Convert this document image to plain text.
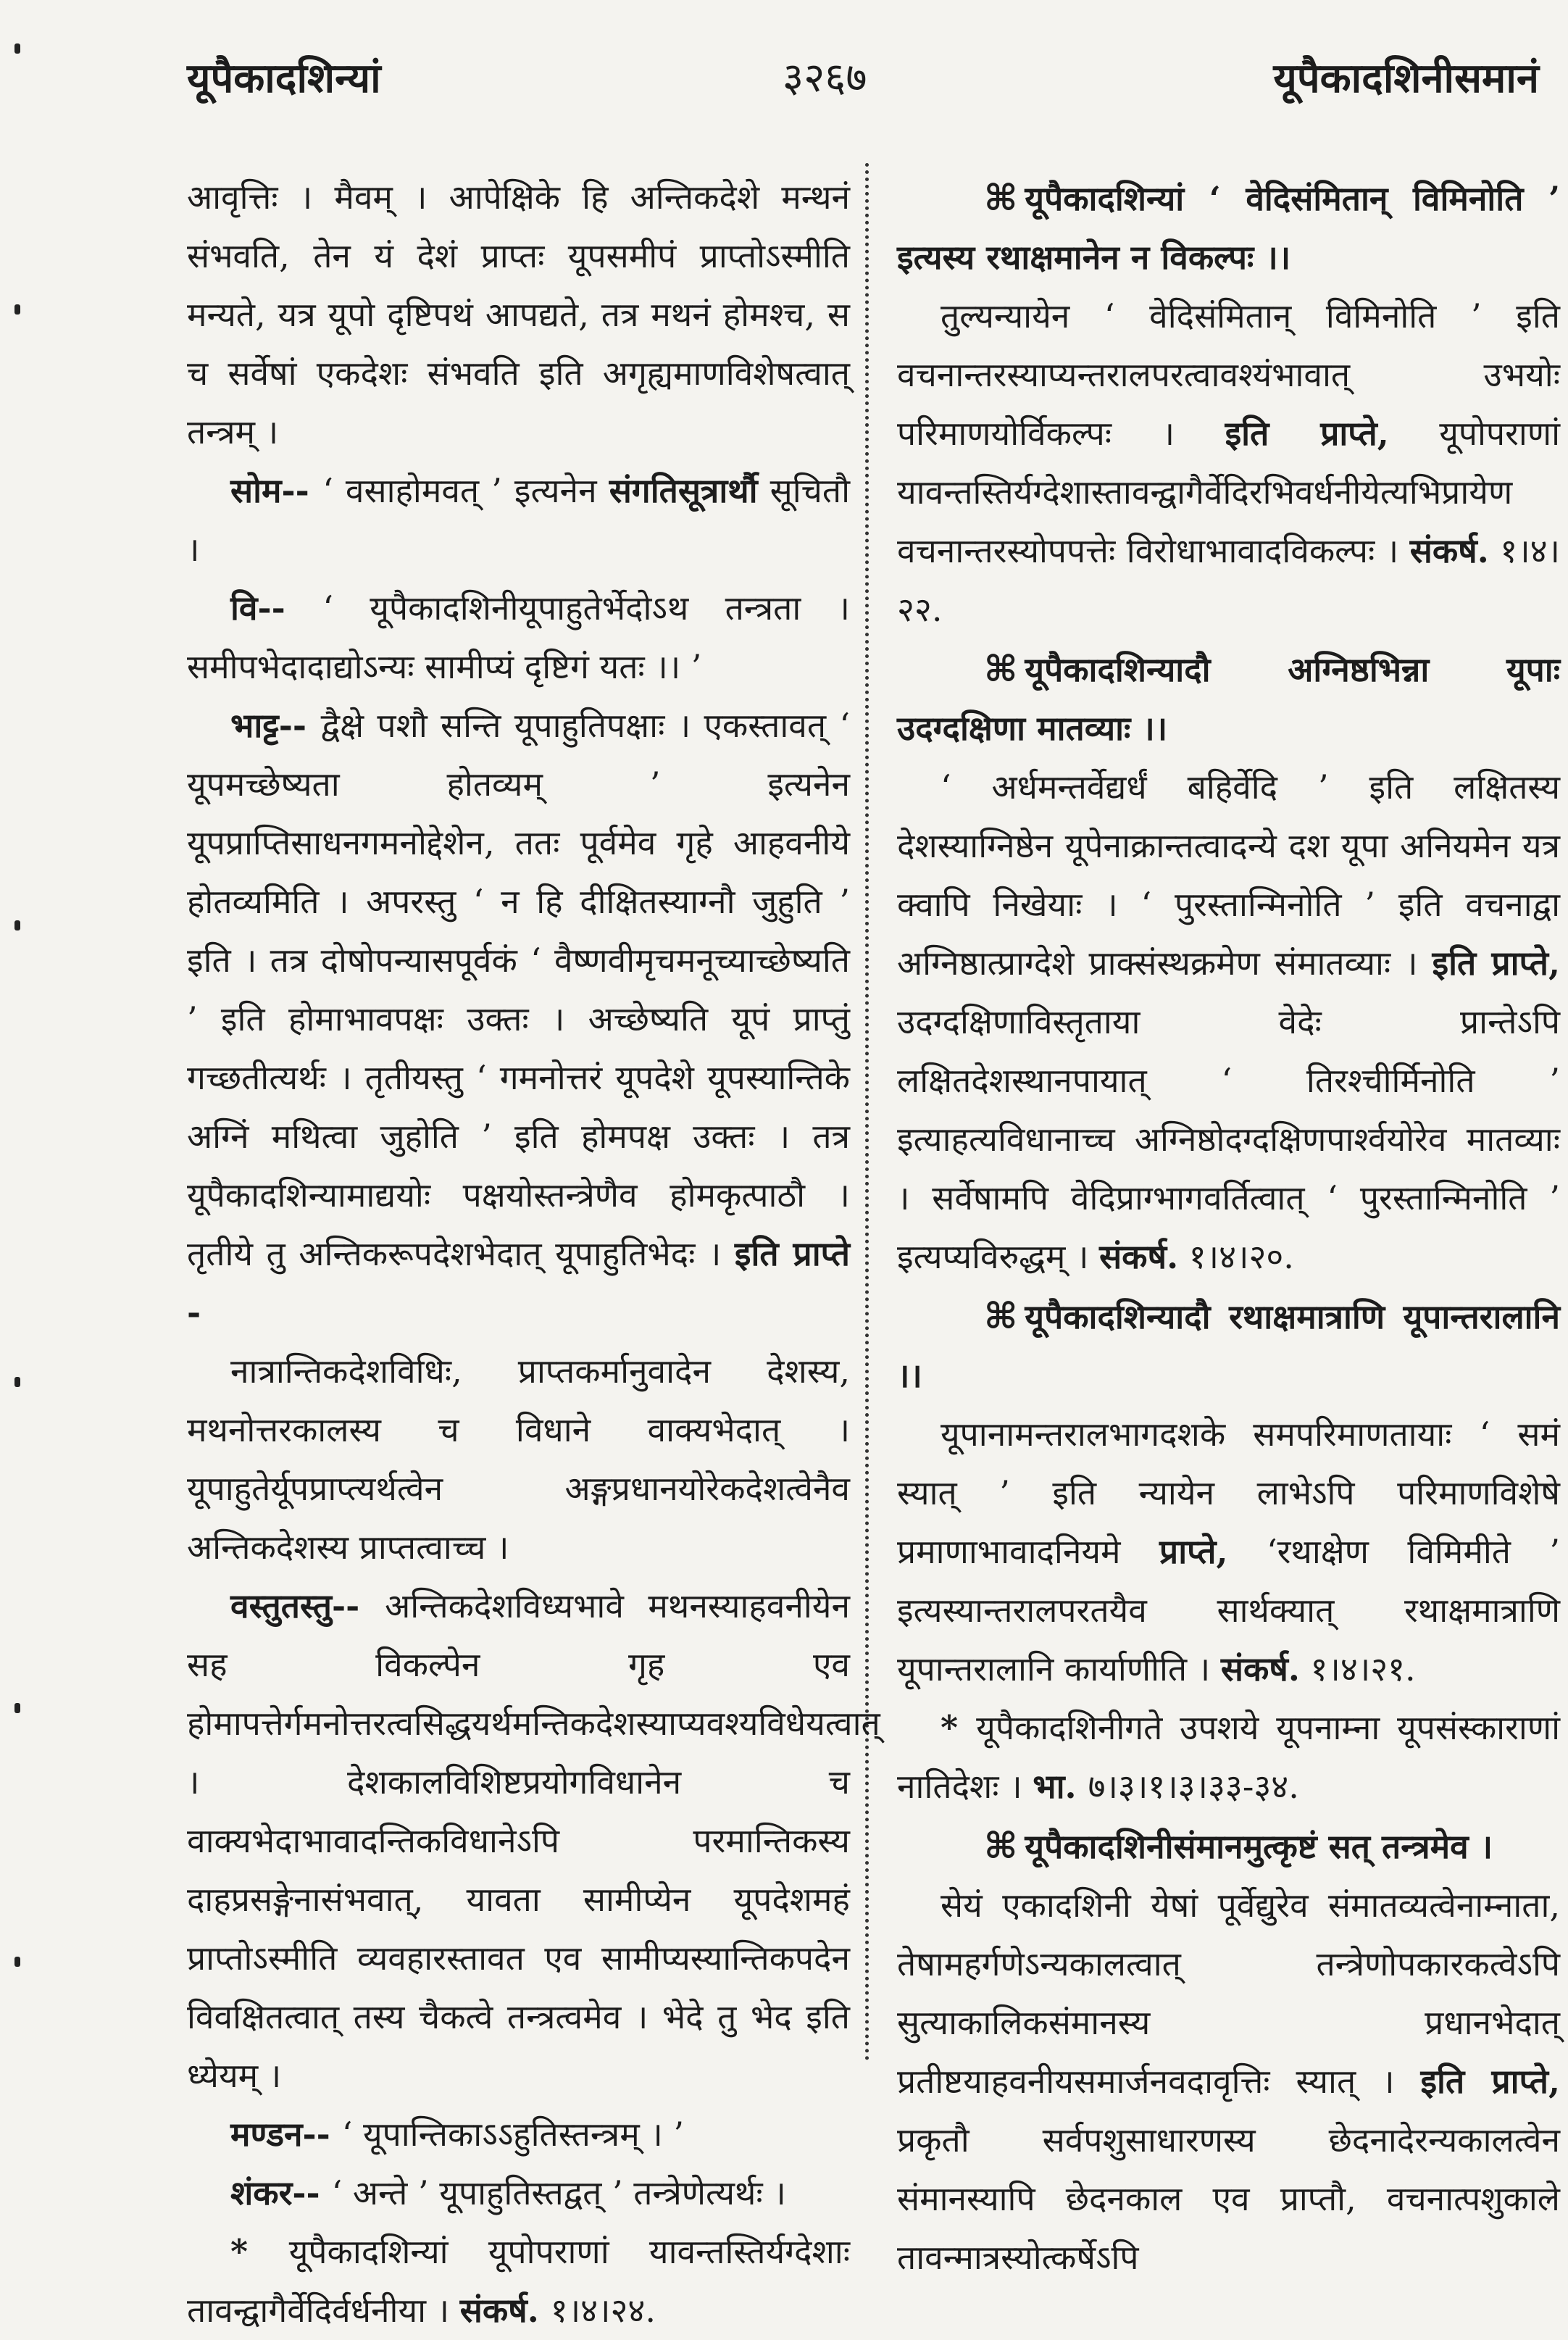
यूपैकादशिन्यां	३२६७	यूपैकादशिनीसमानं

आवृत्तिः । मैवम् । आपेक्षिके हि अन्तिकदेशे मन्थनं संभवति, तेन यं देशं प्राप्तः यूपसमीपं प्राप्तोऽस्मीति मन्यते, यत्र यूपो दृष्टिपथं आपद्यते, तत्र मथनं होमश्च, स च सर्वेषां एकदेशः संभवति इति अगृह्यमाणविशेषत्वात् तन्त्रम् ।

सोम-- ‘ वसाहोमवत् ’ इत्यनेन संगतिसूत्रार्थौ सूचितौ ।

वि-- ‘ यूपैकादशिनीयूपाहुतेर्भेदोऽथ तन्त्रता । समीपभेदादाद्योऽन्यः सामीप्यं दृष्टिगं यतः ।। ’

भाट्ट-- द्वैक्षे पशौ सन्ति यूपाहुतिपक्षाः । एकस्तावत् ‘ यूपमच्छेष्यता होतव्यम् ’ इत्यनेन यूपप्राप्तिसाधनगमनोद्देशेन, ततः पूर्वमेव गृहे आहवनीये होतव्यमिति । अपरस्तु ‘ न हि दीक्षितस्याग्नौ जुहुति ’ इति । तत्र दोषोपन्यासपूर्वकं ‘ वैष्णवीमृचमनूच्याच्छेष्यति ’ इति होमाभावपक्षः उक्तः । अच्छेष्यति यूपं प्राप्तुं गच्छतीत्यर्थः । तृतीयस्तु ‘ गमनोत्तरं यूपदेशे यूपस्यान्तिके अग्निं मथित्वा जुहोति ’ इति होमपक्ष उक्तः । तत्र यूपैकादशिन्यामाद्ययोः पक्षयोस्तन्त्रेणैव होमकृत्पाठौ । तृतीये तु अन्तिकरूपदेशभेदात् यूपाहुतिभेदः । इति प्राप्ते -

नात्रान्तिकदेशविधिः, प्राप्तकर्मानुवादेन देशस्य, मथनोत्तरकालस्य च विधाने वाक्यभेदात् । यूपाहुतेर्यूपप्राप्त्यर्थत्वेन अङ्गप्रधानयोरेकदेशत्वेनैव अन्तिकदेशस्य प्राप्तत्वाच्च ।

वस्तुतस्तु-- अन्तिकदेशविध्यभावे मथनस्याहवनीयेन सह विकल्पेन गृह एव होमापत्तेर्गमनोत्तरत्वसिद्धयर्थमन्तिकदेशस्याप्यवश्यविधेयत्वात् । देशकालविशिष्टप्रयोगविधानेन च वाक्यभेदाभावादन्तिकविधानेऽपि परमान्तिकस्य दाहप्रसङ्गेनासंभवात्, यावता सामीप्येन यूपदेशमहं प्राप्तोऽस्मीति व्यवहारस्तावत एव सामीप्यस्यान्तिकपदेन विवक्षितत्वात् तस्य चैकत्वे तन्त्रत्वमेव । भेदे तु भेद इति ध्येयम् ।

मण्डन-- ‘ यूपान्तिकाऽऽहुतिस्तन्त्रम् । ’

शंकर-- ‘ अन्ते ’ यूपाहुतिस्तद्वत् ’ तन्त्रेणेत्यर्थः ।

* यूपैकादशिन्यां यूपोपराणां यावन्तस्तिर्यग्देशाः तावन्द्वागैर्वेदिर्वर्धनीया । संकर्ष. १।४।२४.

⌘ यूपैकादशिन्यां ‘ वेदिसंमितान् विमिनोति ’ इत्यस्य रथाक्षमानेन न विकल्पः ।।

तुल्यन्यायेन ‘ वेदिसंमितान् विमिनोति ’ इति वचनान्तरस्याप्यन्तरालपरत्वावश्यंभावात् उभयोः परिमाणयोर्विकल्पः । इति प्राप्ते, यूपोपराणां यावन्तस्तिर्यग्देशास्तावन्द्वागैर्वेदिरभिवर्धनीयेत्यभिप्रायेण वचनान्तरस्योपपत्तेः विरोधाभावादविकल्पः । संकर्ष. १।४।२२.

⌘ यूपैकादशिन्यादौ अग्निष्ठभिन्ना यूपाः उदग्दक्षिणा मातव्याः ।।

‘ अर्धमन्तर्वेद्यर्धं बहिर्वेदि ’ इति लक्षितस्य देशस्याग्निष्ठेन यूपेनाक्रान्तत्वादन्ये दश यूपा अनियमेन यत्र क्वापि निखेयाः । ‘ पुरस्तान्मिनोति ’ इति वचनाद्वा अग्निष्ठात्प्राग्देशे प्राक्संस्थक्रमेण संमातव्याः । इति प्राप्ते, उदग्दक्षिणाविस्तृताया वेदेः प्रान्तेऽपि लक्षितदेशस्थानपायात् ‘ तिरश्चीर्मिनोति ’ इत्याहत्यविधानाच्च अग्निष्ठोदग्दक्षिणपार्श्वयोरेव मातव्याः । सर्वेषामपि वेदिप्राग्भागवर्तित्वात् ‘ पुरस्तान्मिनोति ’ इत्यप्यविरुद्धम् । संकर्ष. १।४।२०.

⌘ यूपैकादशिन्यादौ रथाक्षमात्राणि यूपान्तरालानि ।।

यूपानामन्तरालभागदशके समपरिमाणतायाः ‘ समं स्यात् ’ इति न्यायेन लाभेऽपि परिमाणविशेषे प्रमाणाभावादनियमे प्राप्ते, ‘रथाक्षेण विमिमीते ’ इत्यस्यान्तरालपरतयैव सार्थक्यात् रथाक्षमात्राणि यूपान्तरालानि कार्याणीति । संकर्ष. १।४।२१.

* यूपैकादशिनीगते उपशये यूपनाम्ना यूपसंस्काराणां नातिदेशः । भा. ७।३।१।३।३३-३४.

⌘ यूपैकादशिनीसंमानमुत्कृष्टं सत् तन्त्रमेव ।

सेयं एकादशिनी येषां पूर्वेद्युरेव संमातव्यत्वेनाम्नाता, तेषामहर्गणेऽन्यकालत्वात् तन्त्रेणोपकारकत्वेऽपि सुत्याकालिकसंमानस्य प्रधानभेदात् प्रतीष्टयाहवनीयसमार्जनवदावृत्तिः स्यात् । इति प्राप्ते, प्रकृतौ सर्वपशुसाधारणस्य छेदनादेरन्यकालत्वेन संमानस्यापि छेदनकाल एव प्राप्तौ, वचनात्पशुकाले तावन्मात्रस्योत्कर्षेऽपि
